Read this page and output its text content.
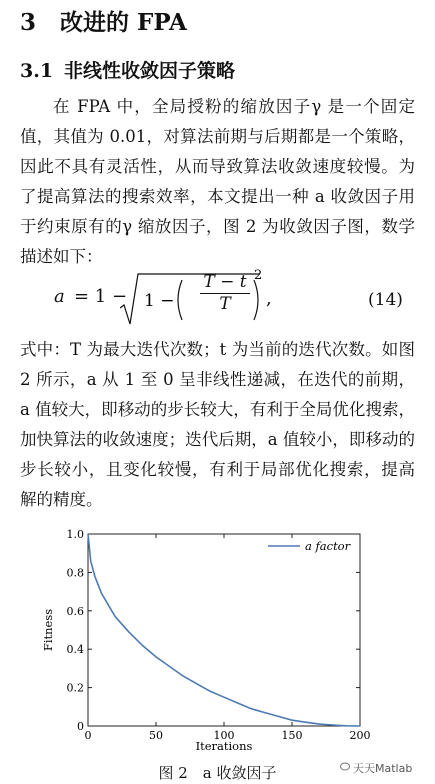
3 改进的 FPA
3.1 非线性收敛因子策略
在 FPA 中，全局授粉的缩放因子γ 是一个固定值，其值为 0.01，对算法前期与后期都是一个策略，因此不具有灵活性，从而导致算法收敛速度较慢。为了提高算法的搜索效率，本文提出一种 a 收敛因子用于约束原有的γ 缩放因子，图 2 为收敛因子图，数学描述如下：
$a = 1 - 1 - \frac{T - t}{T} 2$
,	(14)
式中：T 为最大迭代次数；t 为当前的迭代次数。如图 2 所示，a 从 1 至 0 呈非线性递减，在迭代的前期，a 值较大，即移动的步长较大，有利于全局优化搜索，加快算法的收敛速度；迭代后期，a 值较小，即移动的步长较小，且变化较慢，有利于局部优化搜索，提高解的精度。
0	50	100	150	200
0
0.2
0.4
0.6
0.8
1.0
Iterations
Fitness
a factor
图 2　a 收敛因子	天天Matlab
